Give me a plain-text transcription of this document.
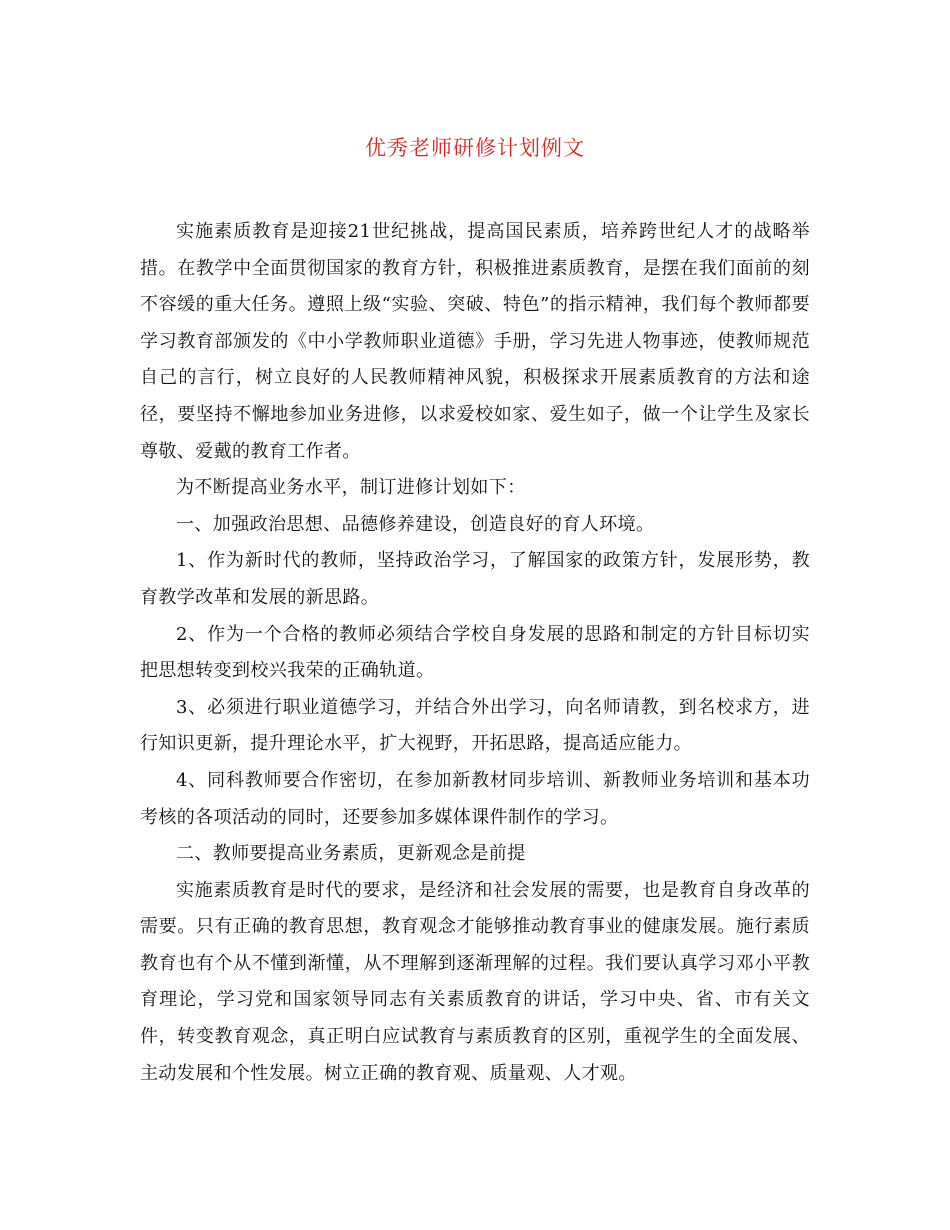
优秀老师研修计划例文

实施素质教育是迎接21世纪挑战，提高国民素质，培养跨世纪人才的战略举措。在教学中全面贯彻国家的教育方针，积极推进素质教育，是摆在我们面前的刻不容缓的重大任务。遵照上级“实验、突破、特色”的指示精神，我们每个教师都要学习教育部颁发的《中小学教师职业道德》手册，学习先进人物事迹，使教师规范自己的言行，树立良好的人民教师精神风貌，积极探求开展素质教育的方法和途径，要坚持不懈地参加业务进修，以求爱校如家、爱生如子，做一个让学生及家长尊敬、爱戴的教育工作者。

为不断提高业务水平，制订进修计划如下：

一、加强政治思想、品德修养建设，创造良好的育人环境。

1、作为新时代的教师，坚持政治学习，了解国家的政策方针，发展形势，教育教学改革和发展的新思路。

2、作为一个合格的教师必须结合学校自身发展的思路和制定的方针目标切实把思想转变到校兴我荣的正确轨道。

3、必须进行职业道德学习，并结合外出学习，向名师请教，到名校求方，进行知识更新，提升理论水平，扩大视野，开拓思路，提高适应能力。

4、同科教师要合作密切，在参加新教材同步培训、新教师业务培训和基本功考核的各项活动的同时，还要参加多媒体课件制作的学习。

二、教师要提高业务素质，更新观念是前提

实施素质教育是时代的要求，是经济和社会发展的需要，也是教育自身改革的需要。只有正确的教育思想，教育观念才能够推动教育事业的健康发展。施行素质教育也有个从不懂到渐懂，从不理解到逐渐理解的过程。我们要认真学习邓小平教育理论，学习党和国家领导同志有关素质教育的讲话，学习中央、省、市有关文件，转变教育观念，真正明白应试教育与素质教育的区别，重视学生的全面发展、主动发展和个性发展。树立正确的教育观、质量观、人才观。
